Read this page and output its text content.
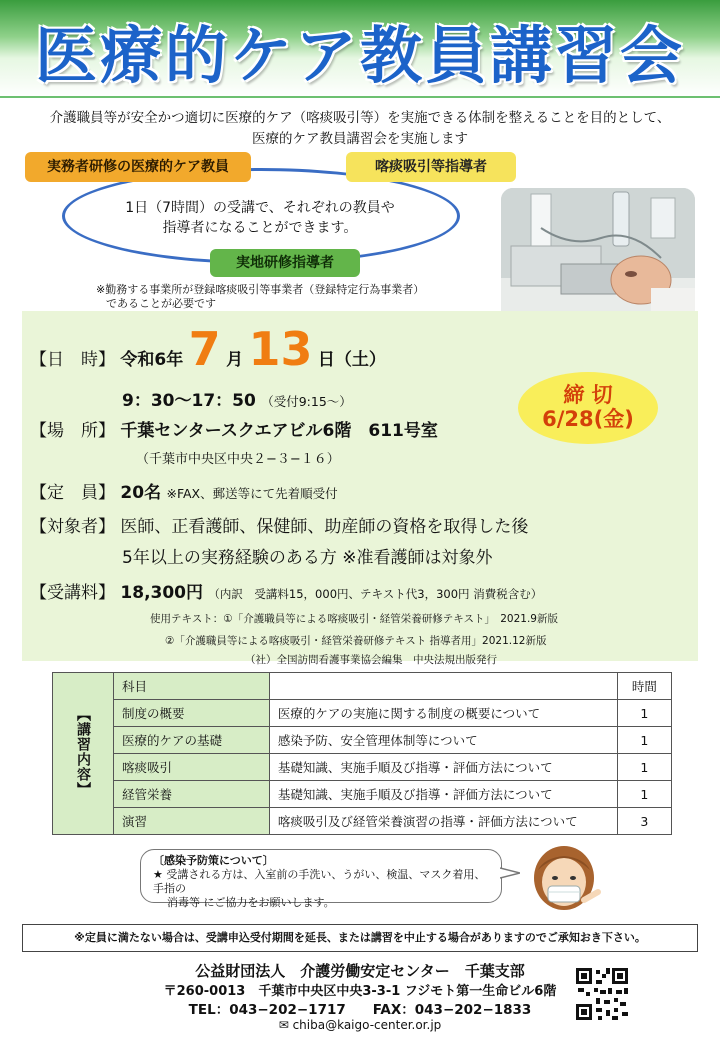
医療的ケア教員講習会
介護職員等が安全かつ適切に医療的ケア（喀痰吸引等）を実施できる体制を整えることを目的として、
医療的ケア教員講習会を実施します
実務者研修の医療的ケア教員	喀痰吸引等指導者
実地研修指導者
1日（7時間）の受講で、それぞれの教員や
指導者になることができます。
※勤務する事業所が登録喀痰吸引等事業者（登録特定行為事業者）
であることが必要です
【日　時】 令和6年 7 月 13 日（土）
9：30〜17：50 （受付9:15〜）
【場　所】 千葉センタースクエアビル6階　611号室
（千葉市中央区中央２−３−１６）
【定　員】 20名 ※FAX、郵送等にて先着順受付
【対象者】 医師、正看護師、保健師、助産師の資格を取得した後
5年以上の実務経験のある方 ※准看護師は対象外
【受講料】 18,300円 （内訳　受講料15，000円、テキスト代3，300円 消費税含む）
使用テキスト：①「介護職員等による喀痰吸引・経管栄養研修テキスト」　2021.9新版
②「介護職員等による喀痰吸引・経管栄養研修テキスト 指導者用」2021.12新版
（社）全国訪問看護事業協会編集　中央法規出版発行
締 切
6/28(金)
【講習内容】	科目		時間
	制度の概要	医療的ケアの実施に関する制度の概要について	1
	医療的ケアの基礎	感染予防、安全管理体制等について	1
	喀痰吸引	基礎知識、実施手順及び指導・評価方法について	1
	経管栄養	基礎知識、実施手順及び指導・評価方法について	1
	演習	喀痰吸引及び経管栄養演習の指導・評価方法について	3
〔感染予防策について〕
★ 受講される方は、入室前の手洗い、うがい、検温、マスク着用、手指の
消毒等 にご協力をお願いします。
※定員に満たない場合は、受講申込受付期間を延長、または講習を中止する場合がありますのでご承知おき下さい。
公益財団法人　介護労働安定センター　千葉支部
〒260-0013　千葉市中央区中央3-3-1 フジモト第一生命ビル6階
TEL：043−202−1717　　FAX：043−202−1833
✉ chiba@kaigo-center.or.jp
